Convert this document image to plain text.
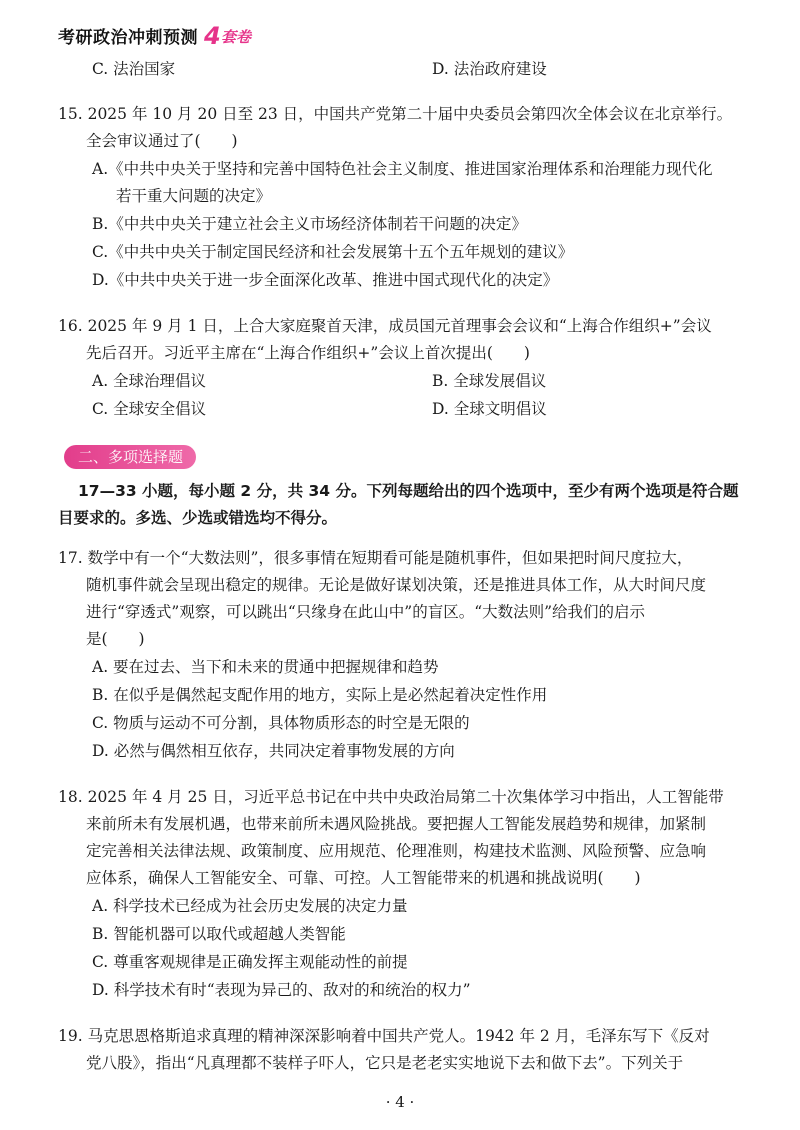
考研政治冲刺预测 4 套卷
C. 法治国家	D. 法治政府建设
15. 2025 年 10 月 20 日至 23 日，中国共产党第二十届中央委员会第四次全体会议在北京举行。
全会审议通过了(　　)
A.《中共中央关于坚持和完善中国特色社会主义制度、推进国家治理体系和治理能力现代化
若干重大问题的决定》
B.《中共中央关于建立社会主义市场经济体制若干问题的决定》
C.《中共中央关于制定国民经济和社会发展第十五个五年规划的建议》
D.《中共中央关于进一步全面深化改革、推进中国式现代化的决定》
16. 2025 年 9 月 1 日，上合大家庭聚首天津，成员国元首理事会会议和“上海合作组织+”会议
先后召开。习近平主席在“上海合作组织+”会议上首次提出(　　)
A. 全球治理倡议	B. 全球发展倡议
C. 全球安全倡议	D. 全球文明倡议
17. 数学中有一个“大数法则”，很多事情在短期看可能是随机事件，但如果把时间尺度拉大，
随机事件就会呈现出稳定的规律。无论是做好谋划决策，还是推进具体工作，从大时间尺度
进行“穿透式”观察，可以跳出“只缘身在此山中”的盲区。“大数法则”给我们的启示
是(　　)
A. 要在过去、当下和未来的贯通中把握规律和趋势
B. 在似乎是偶然起支配作用的地方，实际上是必然起着决定性作用
C. 物质与运动不可分割，具体物质形态的时空是无限的
D. 必然与偶然相互依存，共同决定着事物发展的方向
18. 2025 年 4 月 25 日，习近平总书记在中共中央政治局第二十次集体学习中指出，人工智能带
来前所未有发展机遇，也带来前所未遇风险挑战。要把握人工智能发展趋势和规律，加紧制
定完善相关法律法规、政策制度、应用规范、伦理准则，构建技术监测、风险预警、应急响
应体系，确保人工智能安全、可靠、可控。人工智能带来的机遇和挑战说明(　　)
A. 科学技术已经成为社会历史发展的决定力量
B. 智能机器可以取代或超越人类智能
C. 尊重客观规律是正确发挥主观能动性的前提
D. 科学技术有时“表现为异己的、敌对的和统治的权力”
19. 马克思恩格斯追求真理的精神深深影响着中国共产党人。1942 年 2 月，毛泽东写下《反对
党八股》，指出“凡真理都不装样子吓人，它只是老老实实地说下去和做下去”。下列关于
二、多项选择题
17—33 小题，每小题 2 分，共 34 分。下列每题给出的四个选项中，至少有两个选项是符合题
目要求的。多选、少选或错选均不得分。
· 4 ·
